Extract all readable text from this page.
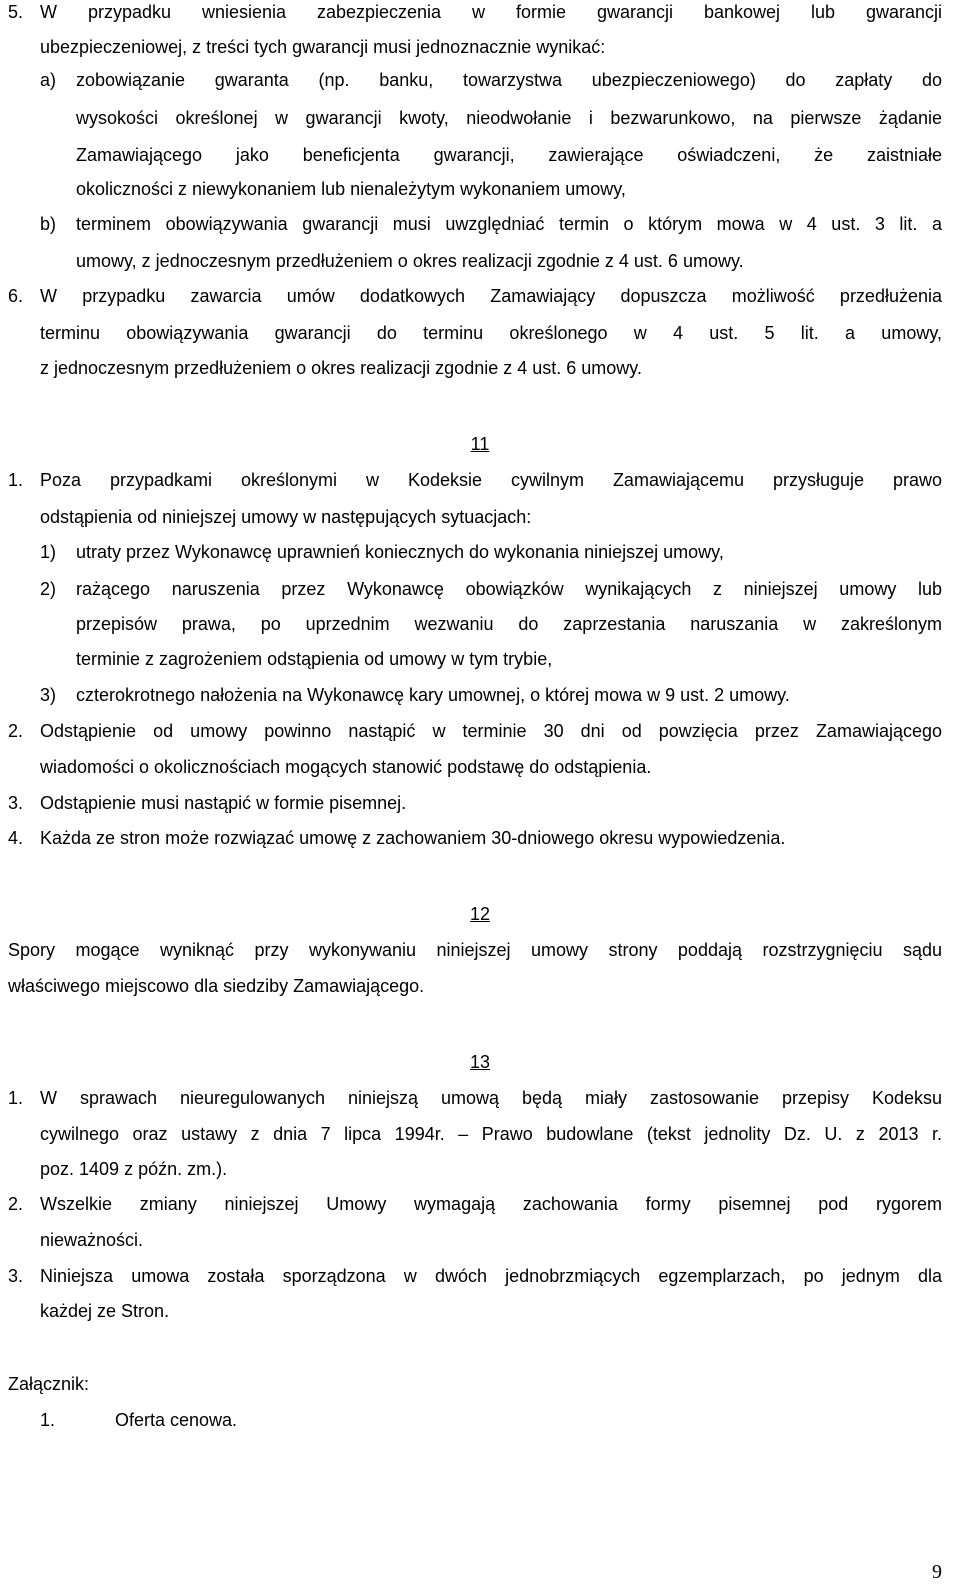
5. W przypadku wniesienia zabezpieczenia w formie gwarancji bankowej lub gwarancji
ubezpieczeniowej, z treści tych gwarancji musi jednoznacznie wynikać:
a) zobowiązanie gwaranta (np. banku, towarzystwa ubezpieczeniowego) do zapłaty do
wysokości określonej w gwarancji kwoty, nieodwołanie i bezwarunkowo, na pierwsze żądanie
Zamawiającego jako beneficjenta gwarancji, zawierające oświadczeni, że zaistniałe
okoliczności z niewykonaniem lub nienależytym wykonaniem umowy,
b) terminem obowiązywania gwarancji musi uwzględniać termin o którym mowa w 4 ust. 3 lit. a
umowy, z jednoczesnym przedłużeniem o okres realizacji zgodnie z 4 ust. 6 umowy.
6. W przypadku zawarcia umów dodatkowych Zamawiający dopuszcza możliwość przedłużenia
terminu obowiązywania gwarancji do terminu określonego w 4 ust. 5 lit. a umowy,
z jednoczesnym przedłużeniem o okres realizacji zgodnie z 4 ust. 6 umowy.
11
1. Poza przypadkami określonymi w Kodeksie cywilnym Zamawiającemu przysługuje prawo
odstąpienia od niniejszej umowy w następujących sytuacjach:
1) utraty przez Wykonawcę uprawnień koniecznych do wykonania niniejszej umowy,
2) rażącego naruszenia przez Wykonawcę obowiązków wynikających z niniejszej umowy lub
przepisów prawa, po uprzednim wezwaniu do zaprzestania naruszania w zakreślonym
terminie z zagrożeniem odstąpienia od umowy w tym trybie,
3) czterokrotnego nałożenia na Wykonawcę kary umownej, o której mowa w 9 ust. 2 umowy.
2. Odstąpienie od umowy powinno nastąpić w terminie 30 dni od powzięcia przez Zamawiającego
wiadomości o okolicznościach mogących stanowić podstawę do odstąpienia.
3. Odstąpienie musi nastąpić w formie pisemnej.
4. Każda ze stron może rozwiązać umowę z zachowaniem 30-dniowego okresu wypowiedzenia.
12
Spory mogące wyniknąć przy wykonywaniu niniejszej umowy strony poddają rozstrzygnięciu sądu
właściwego miejscowo dla siedziby Zamawiającego.
13
1. W sprawach nieuregulowanych niniejszą umową będą miały zastosowanie przepisy Kodeksu
cywilnego oraz ustawy z dnia 7 lipca 1994r. – Prawo budowlane (tekst jednolity Dz. U. z 2013 r.
poz. 1409 z późn. zm.).
2. Wszelkie zmiany niniejszej Umowy wymagają zachowania formy pisemnej pod rygorem
nieważności.
3. Niniejsza umowa została sporządzona w dwóch jednobrzmiących egzemplarzach, po jednym dla
każdej ze Stron.
Załącznik:
1.	Oferta cenowa.
9
